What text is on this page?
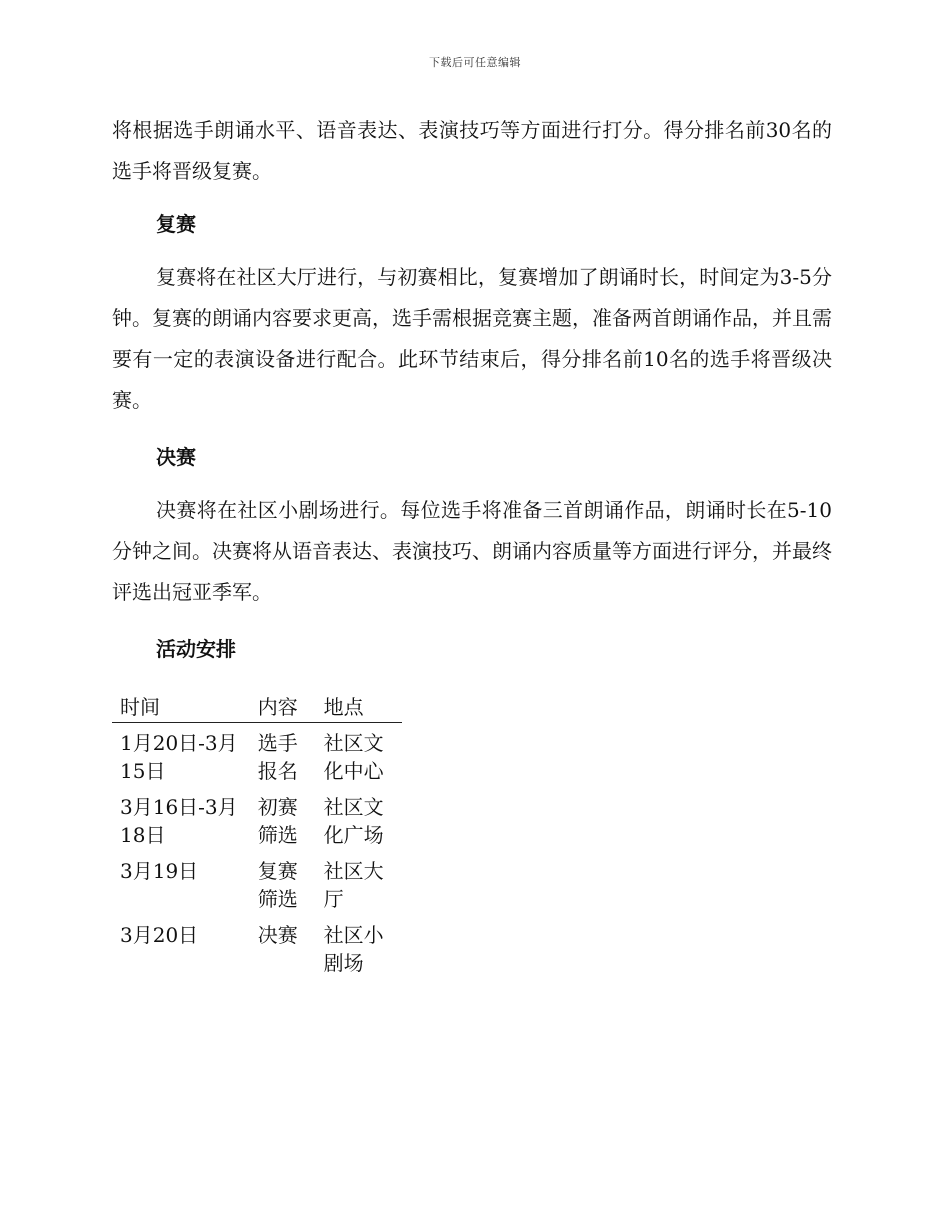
下载后可任意编辑

将根据选手朗诵水平、语音表达、表演技巧等方面进行打分。得分排名前30名的选手将晋级复赛。

复赛

复赛将在社区大厅进行，与初赛相比，复赛增加了朗诵时长，时间定为3-5分钟。复赛的朗诵内容要求更高，选手需根据竞赛主题，准备两首朗诵作品，并且需要有一定的表演设备进行配合。此环节结束后，得分排名前10名的选手将晋级决赛。

决赛

决赛将在社区小剧场进行。每位选手将准备三首朗诵作品，朗诵时长在5-10分钟之间。决赛将从语音表达、表演技巧、朗诵内容质量等方面进行评分，并最终评选出冠亚季军。

活动安排
时间	内容	地点
1月20日-3月15日	选手报名	社区文化中心
3月16日-3月18日	初赛筛选	社区文化广场
3月19日	复赛筛选	社区大厅
3月20日	决赛	社区小剧场
